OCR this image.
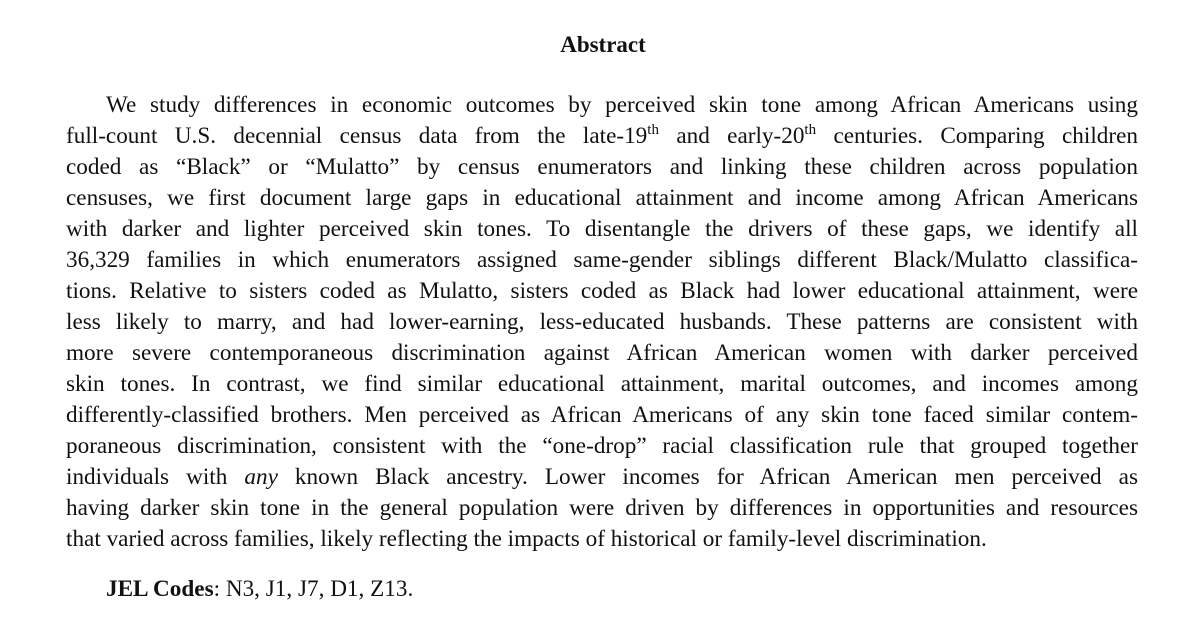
Abstract
We study differences in economic outcomes by perceived skin tone among African Americans using
full-count U.S. decennial census data from the late-19th and early-20th centuries. Comparing children
coded as “Black” or “Mulatto” by census enumerators and linking these children across population
censuses, we first document large gaps in educational attainment and income among African Americans
with darker and lighter perceived skin tones. To disentangle the drivers of these gaps, we identify all
36,329 families in which enumerators assigned same-gender siblings different Black/Mulatto classifica-
tions. Relative to sisters coded as Mulatto, sisters coded as Black had lower educational attainment, were
less likely to marry, and had lower-earning, less-educated husbands. These patterns are consistent with
more severe contemporaneous discrimination against African American women with darker perceived
skin tones. In contrast, we find similar educational attainment, marital outcomes, and incomes among
differently-classified brothers. Men perceived as African Americans of any skin tone faced similar contem-
poraneous discrimination, consistent with the “one-drop” racial classification rule that grouped together
individuals with any known Black ancestry. Lower incomes for African American men perceived as
having darker skin tone in the general population were driven by differences in opportunities and resources
that varied across families, likely reflecting the impacts of historical or family-level discrimination.
JEL Codes: N3, J1, J7, D1, Z13.
